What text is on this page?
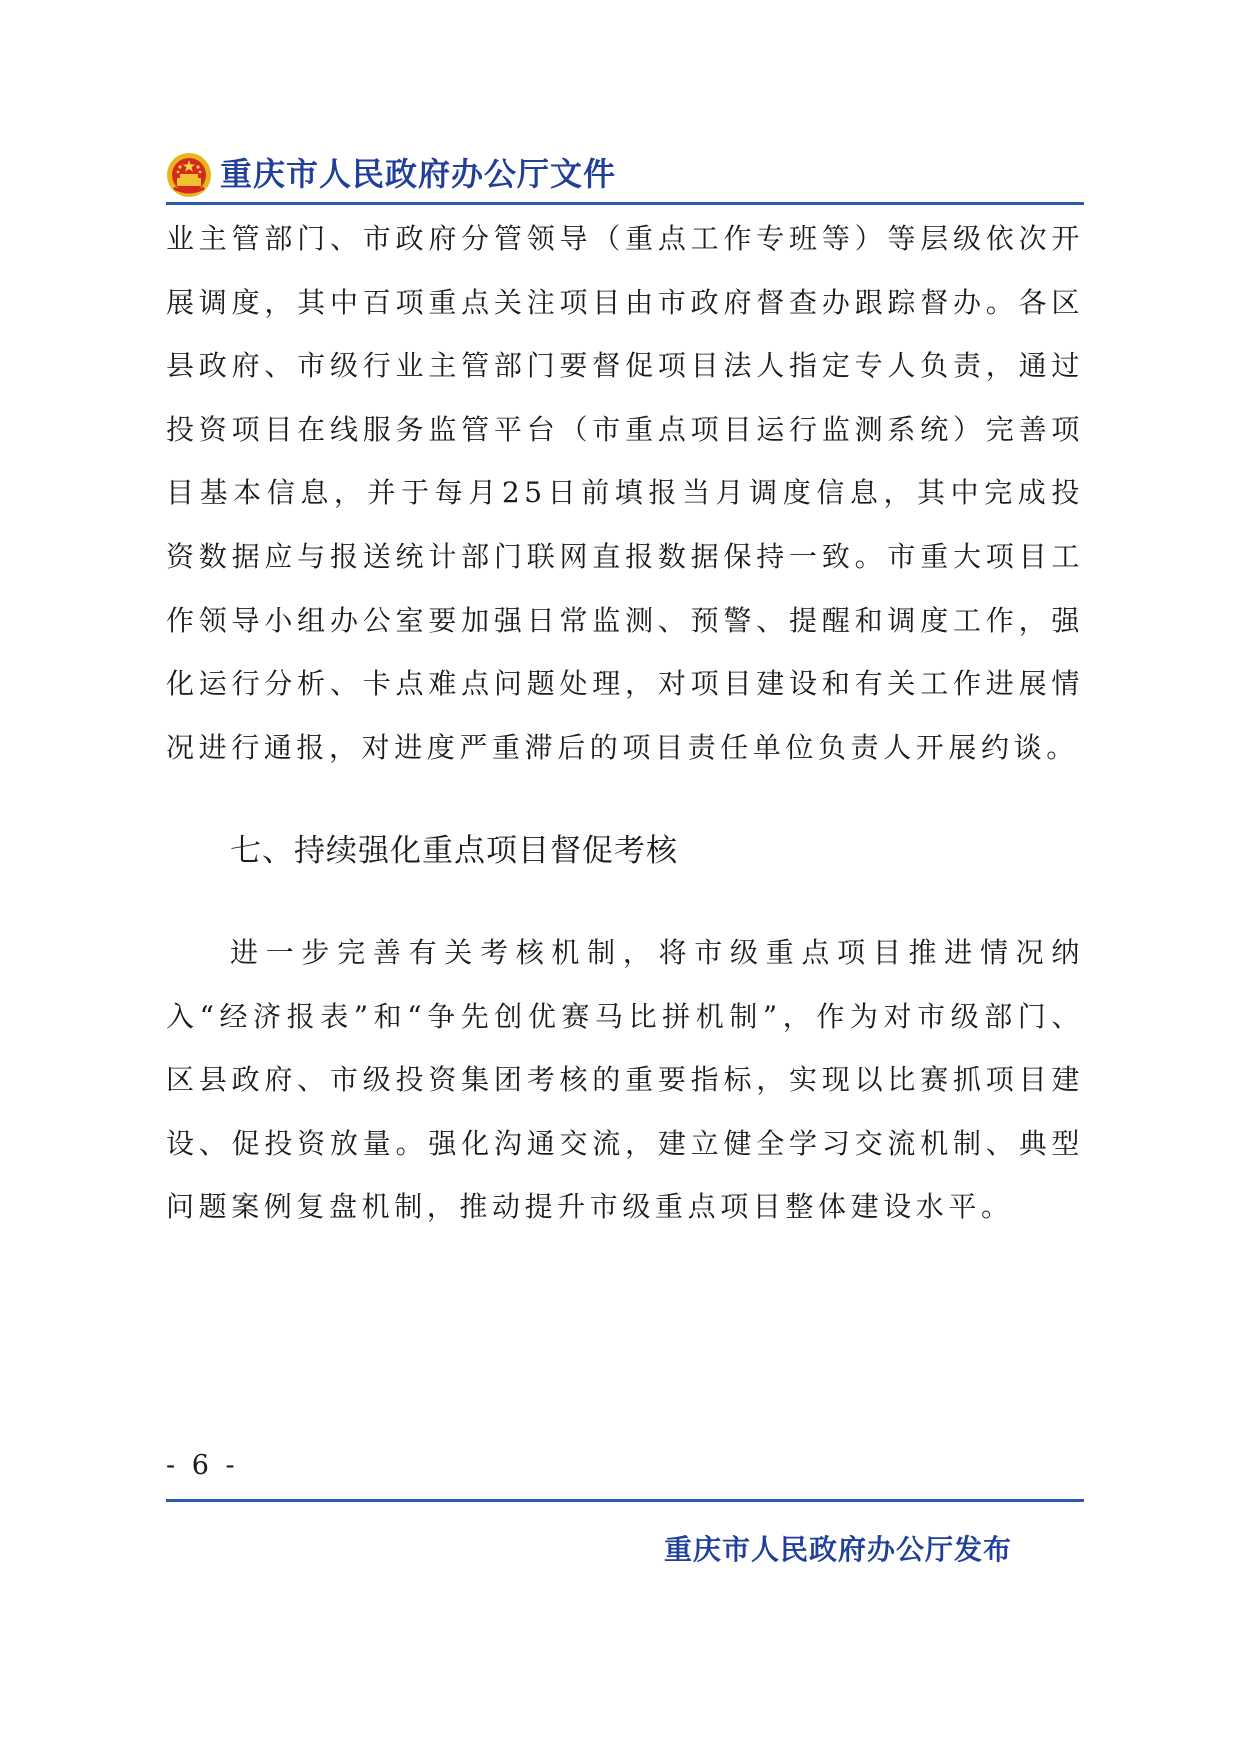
重庆市人民政府办公厅文件
业主管部门、市政府分管领导（重点工作专班等）等层级依次开展调度，其中百项重点关注项目由市政府督查办跟踪督办。各区县政府、市级行业主管部门要督促项目法人指定专人负责，通过投资项目在线服务监管平台（市重点项目运行监测系统）完善项目基本信息，并于每月25日前填报当月调度信息，其中完成投资数据应与报送统计部门联网直报数据保持一致。市重大项目工作领导小组办公室要加强日常监测、预警、提醒和调度工作，强化运行分析、卡点难点问题处理，对项目建设和有关工作进展情况进行通报，对进度严重滞后的项目责任单位负责人开展约谈。
七、持续强化重点项目督促考核
进一步完善有关考核机制，将市级重点项目推进情况纳入“经济报表”和“争先创优赛马比拼机制”，作为对市级部门、区县政府、市级投资集团考核的重要指标，实现以比赛抓项目建设、促投资放量。强化沟通交流，建立健全学习交流机制、典型问题案例复盘机制，推动提升市级重点项目整体建设水平。
- 6 -
重庆市人民政府办公厅发布
